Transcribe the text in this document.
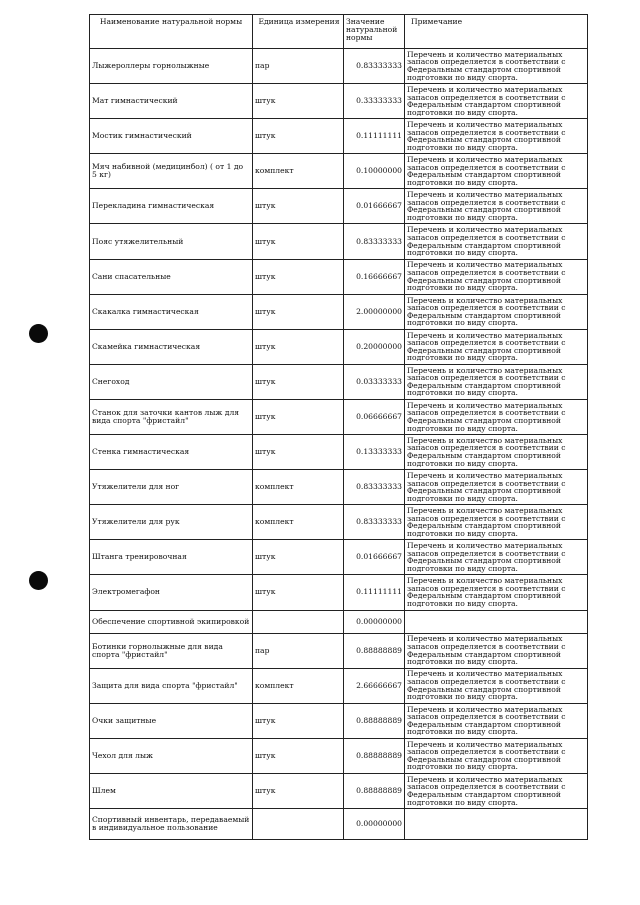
Наименование натуральной нормы	Единица измерения	Значение натуральной нормы	Примечание
Лыжероллеры горнолыжные	пар	0.83333333	Перечень и количество материальных запасов определяется в соответствии с Федеральным стандартом спортивной подготовки по виду спорта.
Мат гимнастический	штук	0.33333333	Перечень и количество материальных запасов определяется в соответствии с Федеральным стандартом спортивной подготовки по виду спорта.
Мостик гимнастический	штук	0.11111111	Перечень и количество материальных запасов определяется в соответствии с Федеральным стандартом спортивной подготовки по виду спорта.
Мяч набивной (медицинбол) ( от 1 до 5 кг)	комплект	0.10000000	Перечень и количество материальных запасов определяется в соответствии с Федеральным стандартом спортивной подготовки по виду спорта.
Перекладина гимнастическая	штук	0.01666667	Перечень и количество материальных запасов определяется в соответствии с Федеральным стандартом спортивной подготовки по виду спорта.
Пояс утяжелительный	штук	0.83333333	Перечень и количество материальных запасов определяется в соответствии с Федеральным стандартом спортивной подготовки по виду спорта.
Сани спасательные	штук	0.16666667	Перечень и количество материальных запасов определяется в соответствии с Федеральным стандартом спортивной подготовки по виду спорта.
Скакалка гимнастическая	штук	2.00000000	Перечень и количество материальных запасов определяется в соответствии с Федеральным стандартом спортивной подготовки по виду спорта.
Скамейка гимнастическая	штук	0.20000000	Перечень и количество материальных запасов определяется в соответствии с Федеральным стандартом спортивной подготовки по виду спорта.
Снегоход	штук	0.03333333	Перечень и количество материальных запасов определяется в соответствии с Федеральным стандартом спортивной подготовки по виду спорта.
Станок для заточки кантов лыж для вида спорта "фристайл"	штук	0.06666667	Перечень и количество материальных запасов определяется в соответствии с Федеральным стандартом спортивной подготовки по виду спорта.
Стенка гимнастическая	штук	0.13333333	Перечень и количество материальных запасов определяется в соответствии с Федеральным стандартом спортивной подготовки по виду спорта.
Утяжелители для ног	комплект	0.83333333	Перечень и количество материальных запасов определяется в соответствии с Федеральным стандартом спортивной подготовки по виду спорта.
Утяжелители для рук	комплект	0.83333333	Перечень и количество материальных запасов определяется в соответствии с Федеральным стандартом спортивной подготовки по виду спорта.
Штанга тренировочная	штук	0.01666667	Перечень и количество материальных запасов определяется в соответствии с Федеральным стандартом спортивной подготовки по виду спорта.
Электромегафон	штук	0.11111111	Перечень и количество материальных запасов определяется в соответствии с Федеральным стандартом спортивной подготовки по виду спорта.
Обеспечение спортивной экипировкой		0.00000000	
Ботинки горнолыжные для вида спорта "фристайл"	пар	0.88888889	Перечень и количество материальных запасов определяется в соответствии с Федеральным стандартом спортивной подготовки по виду спорта.
Защита для вида спорта "фристайл"	комплект	2.66666667	Перечень и количество материальных запасов определяется в соответствии с Федеральным стандартом спортивной подготовки по виду спорта.
Очки защитные	штук	0.88888889	Перечень и количество материальных запасов определяется в соответствии с Федеральным стандартом спортивной подготовки по виду спорта.
Чехол для лыж	штук	0.88888889	Перечень и количество материальных запасов определяется в соответствии с Федеральным стандартом спортивной подготовки по виду спорта.
Шлем	штук	0.88888889	Перечень и количество материальных запасов определяется в соответствии с Федеральным стандартом спортивной подготовки по виду спорта.
Спортивный инвентарь, передаваемый в индивидуальное пользование		0.00000000	
